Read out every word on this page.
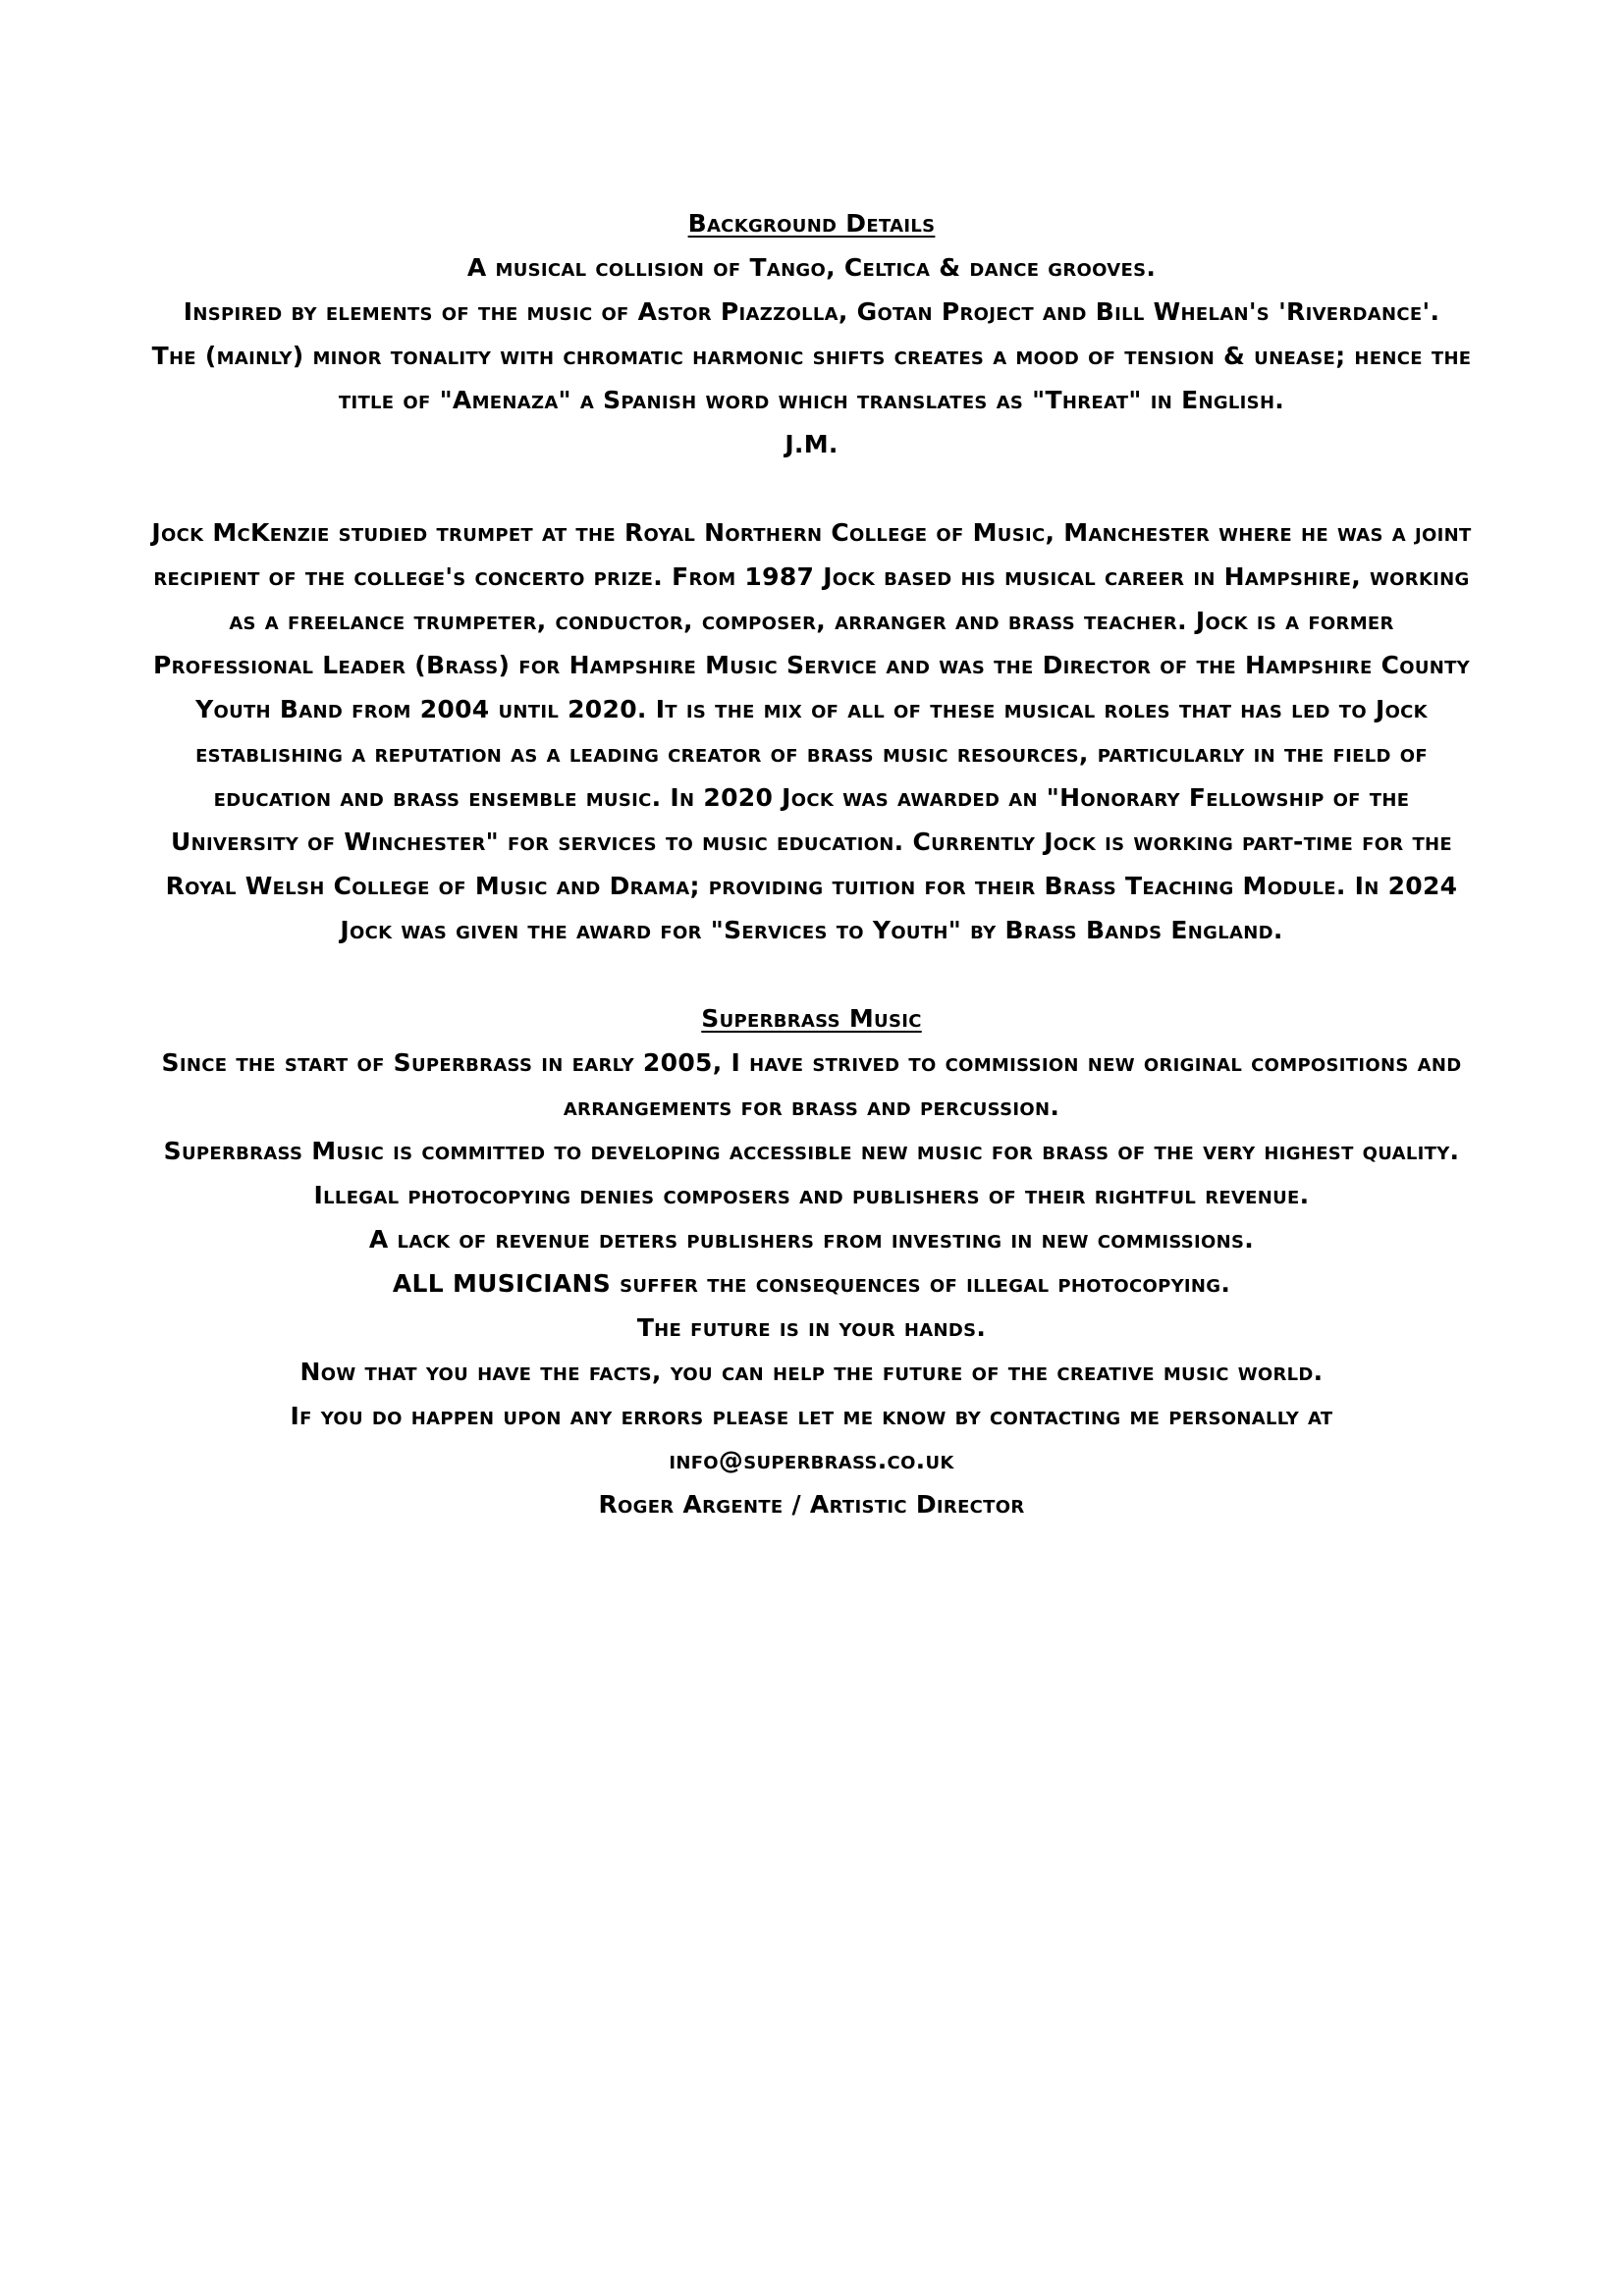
Background Details

A musical collision of Tango, Celtica & dance grooves.

Inspired by elements of the music of Astor Piazzolla, Gotan Project and Bill Whelan's 'Riverdance'.

The (mainly) minor tonality with chromatic harmonic shifts creates a mood of tension & unease; hence the title of "Amenaza" a Spanish word which translates as "Threat" in English.

J.M.

Jock McKenzie studied trumpet at the Royal Northern College of Music, Manchester where he was a joint recipient of the college's concerto prize. From 1987 Jock based his musical career in Hampshire, working as a freelance trumpeter, conductor, composer, arranger and brass teacher. Jock is a former Professional Leader (Brass) for Hampshire Music Service and was the Director of the Hampshire County Youth Band from 2004 until 2020. It is the mix of all of these musical roles that has led to Jock establishing a reputation as a leading creator of brass music resources, particularly in the field of education and brass ensemble music. In 2020 Jock was awarded an "Honorary Fellowship of the University of Winchester" for services to music education. Currently Jock is working part-time for the Royal Welsh College of Music and Drama; providing tuition for their Brass Teaching Module. In 2024 Jock was given the award for "Services to Youth" by Brass Bands England.

Superbrass Music

Since the start of Superbrass in early 2005, I have strived to commission new original compositions and arrangements for brass and percussion.

Superbrass Music is committed to developing accessible new music for brass of the very highest quality.

Illegal photocopying denies composers and publishers of their rightful revenue.

A lack of revenue deters publishers from investing in new commissions.

ALL MUSICIANS suffer the consequences of illegal photocopying.

The future is in your hands.

Now that you have the facts, you can help the future of the creative music world.

If you do happen upon any errors please let me know by contacting me personally at

info@superbrass.co.uk

Roger Argente / Artistic Director
